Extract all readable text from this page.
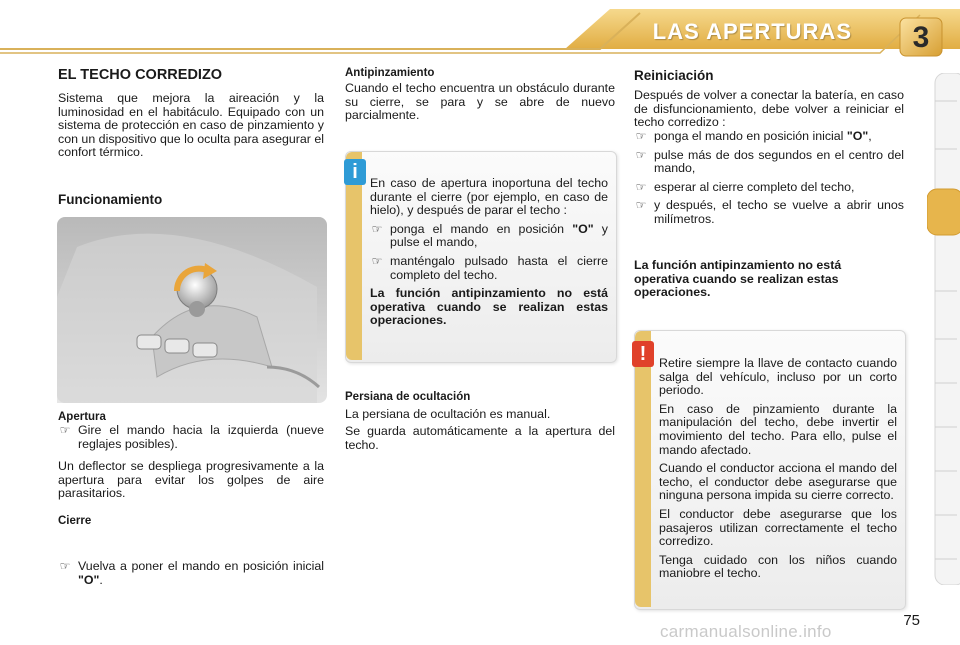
LAS APERTURAS	3
EL TECHO CORREDIZO

Sistema que mejora la aireación y la luminosidad en el habitáculo. Equipado con un sistema de protección en caso de pinzamiento y con un dispositivo que lo oculta para asegurar el confort térmico.

Funcionamiento
Apertura
☞ Gire el mando hacia la izquierda (nueve reglajes posibles).

Un deflector se despliega progresivamente a la apertura para evitar los golpes de aire parasitarios.

Cierre
☞ Vuelva a poner el mando en posición inicial "O".
Antipinzamiento

Cuando el techo encuentra un obstáculo durante su cierre, se para y se abre de nuevo parcialmente.

i En caso de apertura inoportuna del techo durante el cierre (por ejemplo, en caso de hielo), y después de parar el techo :

☞ ponga el mando en posición "O" y pulse el mando,
☞ manténgalo pulsado hasta el cierre completo del techo.

La función antipinzamiento no está operativa cuando se realizan estas operaciones.

Persiana de ocultación

La persiana de ocultación es manual.

Se guarda automáticamente a la apertura del techo.

Reiniciación

Después de volver a conectar la batería, en caso de disfuncionamiento, debe volver a reiniciar el techo corredizo :

☞ ponga el mando en posición inicial "O",
☞ pulse más de dos segundos en el centro del mando,
☞ esperar al cierre completo del techo,
☞ y después, el techo se vuelve a abrir unos milímetros.

La función antipinzamiento no está operativa cuando se realizan estas operaciones.

!	Retire siempre la llave de contacto cuando salga del vehículo, incluso por un corto periodo.

En caso de pinzamiento durante la manipulación del techo, debe invertir el movimiento del techo. Para ello, pulse el mando afectado.

Cuando el conductor acciona el mando del techo, el conductor debe asegurarse que ninguna persona impida su cierre correcto.

El conductor debe asegurarse que los pasajeros utilizan correctamente el techo corredizo.

Tenga cuidado con los niños cuando maniobre el techo.

75
carmanualsonline.info
